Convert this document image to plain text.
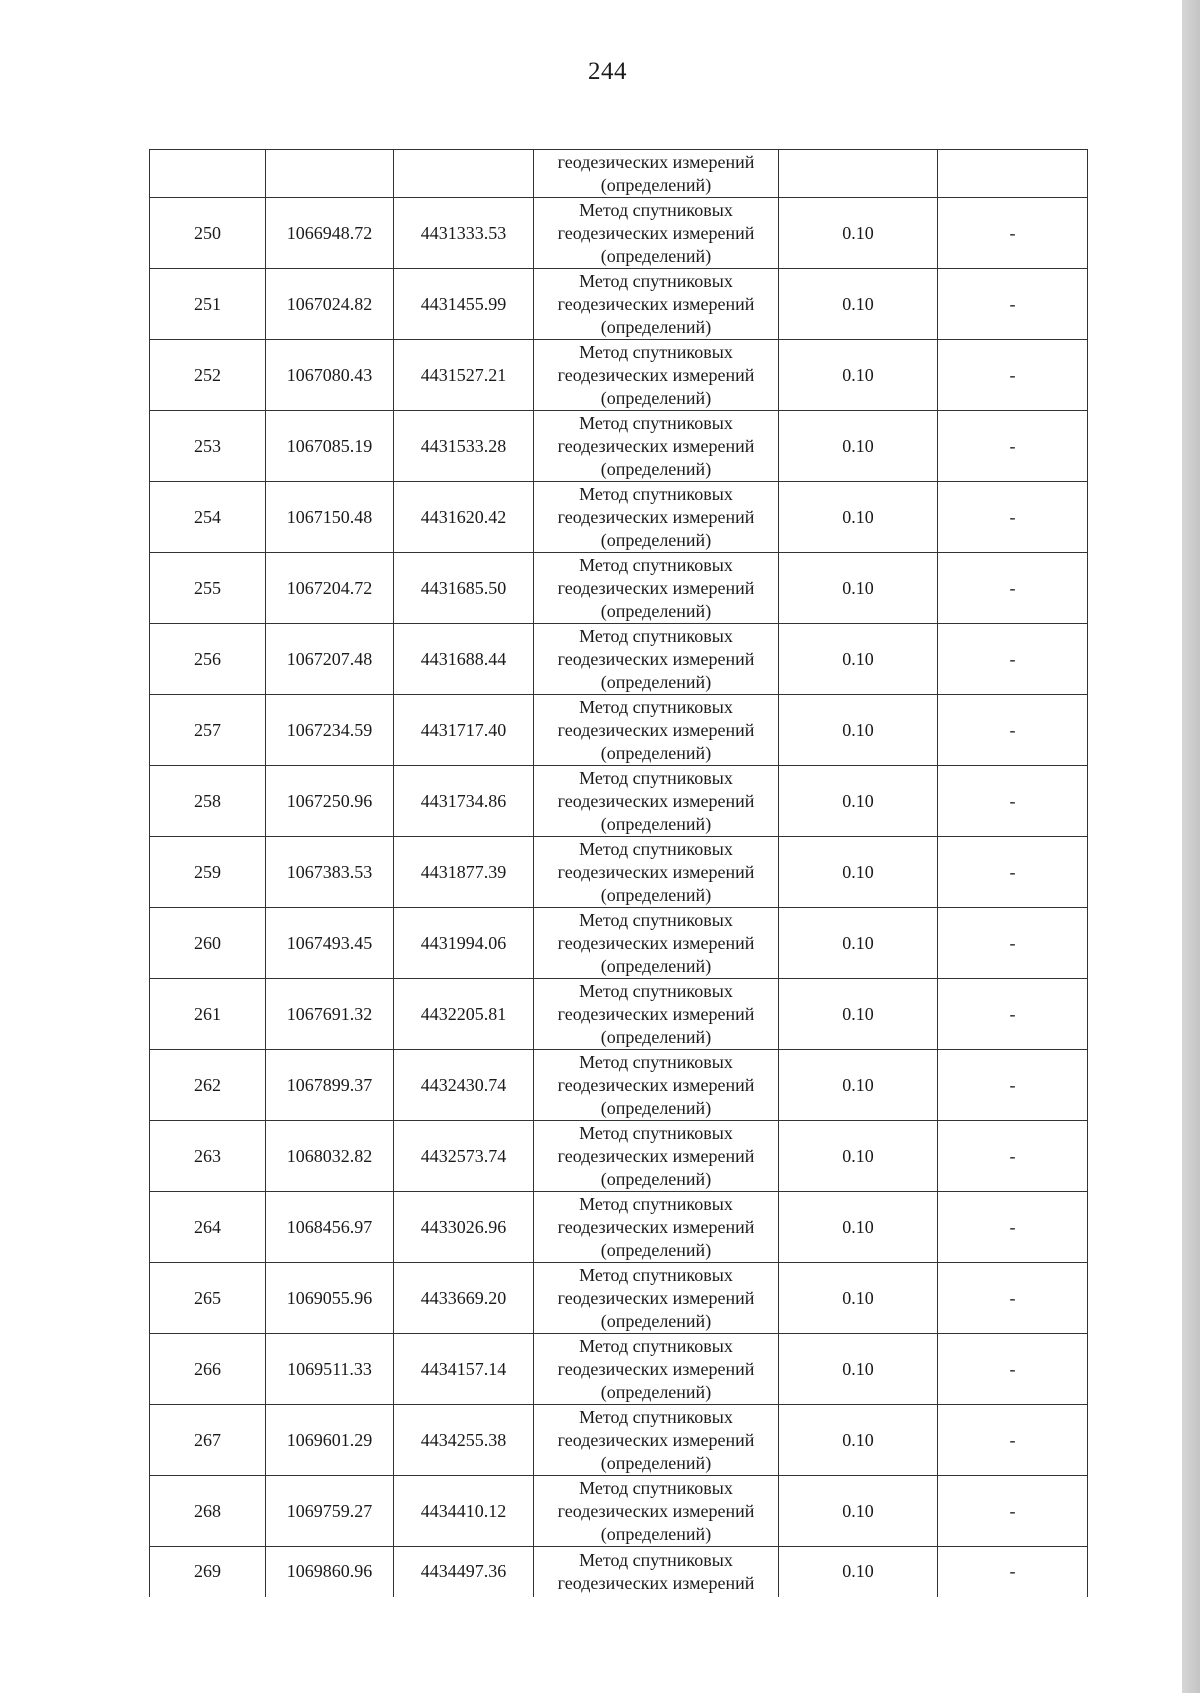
244

			геодезических измерений
(определений)		

250	1066948.72	4431333.53	Метод спутниковых
геодезических измерений
(определений)	0.10	-
251	1067024.82	4431455.99	Метод спутниковых
геодезических измерений
(определений)	0.10	-
252	1067080.43	4431527.21	Метод спутниковых
геодезических измерений
(определений)	0.10	-
253	1067085.19	4431533.28	Метод спутниковых
геодезических измерений
(определений)	0.10	-
254	1067150.48	4431620.42	Метод спутниковых
геодезических измерений
(определений)	0.10	-
255	1067204.72	4431685.50	Метод спутниковых
геодезических измерений
(определений)	0.10	-
256	1067207.48	4431688.44	Метод спутниковых
геодезических измерений
(определений)	0.10	-
257	1067234.59	4431717.40	Метод спутниковых
геодезических измерений
(определений)	0.10	-
258	1067250.96	4431734.86	Метод спутниковых
геодезических измерений
(определений)	0.10	-
259	1067383.53	4431877.39	Метод спутниковых
геодезических измерений
(определений)	0.10	-
260	1067493.45	4431994.06	Метод спутниковых
геодезических измерений
(определений)	0.10	-
261	1067691.32	4432205.81	Метод спутниковых
геодезических измерений
(определений)	0.10	-
262	1067899.37	4432430.74	Метод спутниковых
геодезических измерений
(определений)	0.10	-
263	1068032.82	4432573.74	Метод спутниковых
геодезических измерений
(определений)	0.10	-
264	1068456.97	4433026.96	Метод спутниковых
геодезических измерений
(определений)	0.10	-
265	1069055.96	4433669.20	Метод спутниковых
геодезических измерений
(определений)	0.10	-
266	1069511.33	4434157.14	Метод спутниковых
геодезических измерений
(определений)	0.10	-
267	1069601.29	4434255.38	Метод спутниковых
геодезических измерений
(определений)	0.10	-
268	1069759.27	4434410.12	Метод спутниковых
геодезических измерений
(определений)	0.10	-
269	1069860.96	4434497.36	Метод спутниковых
геодезических измерений	0.10	-
